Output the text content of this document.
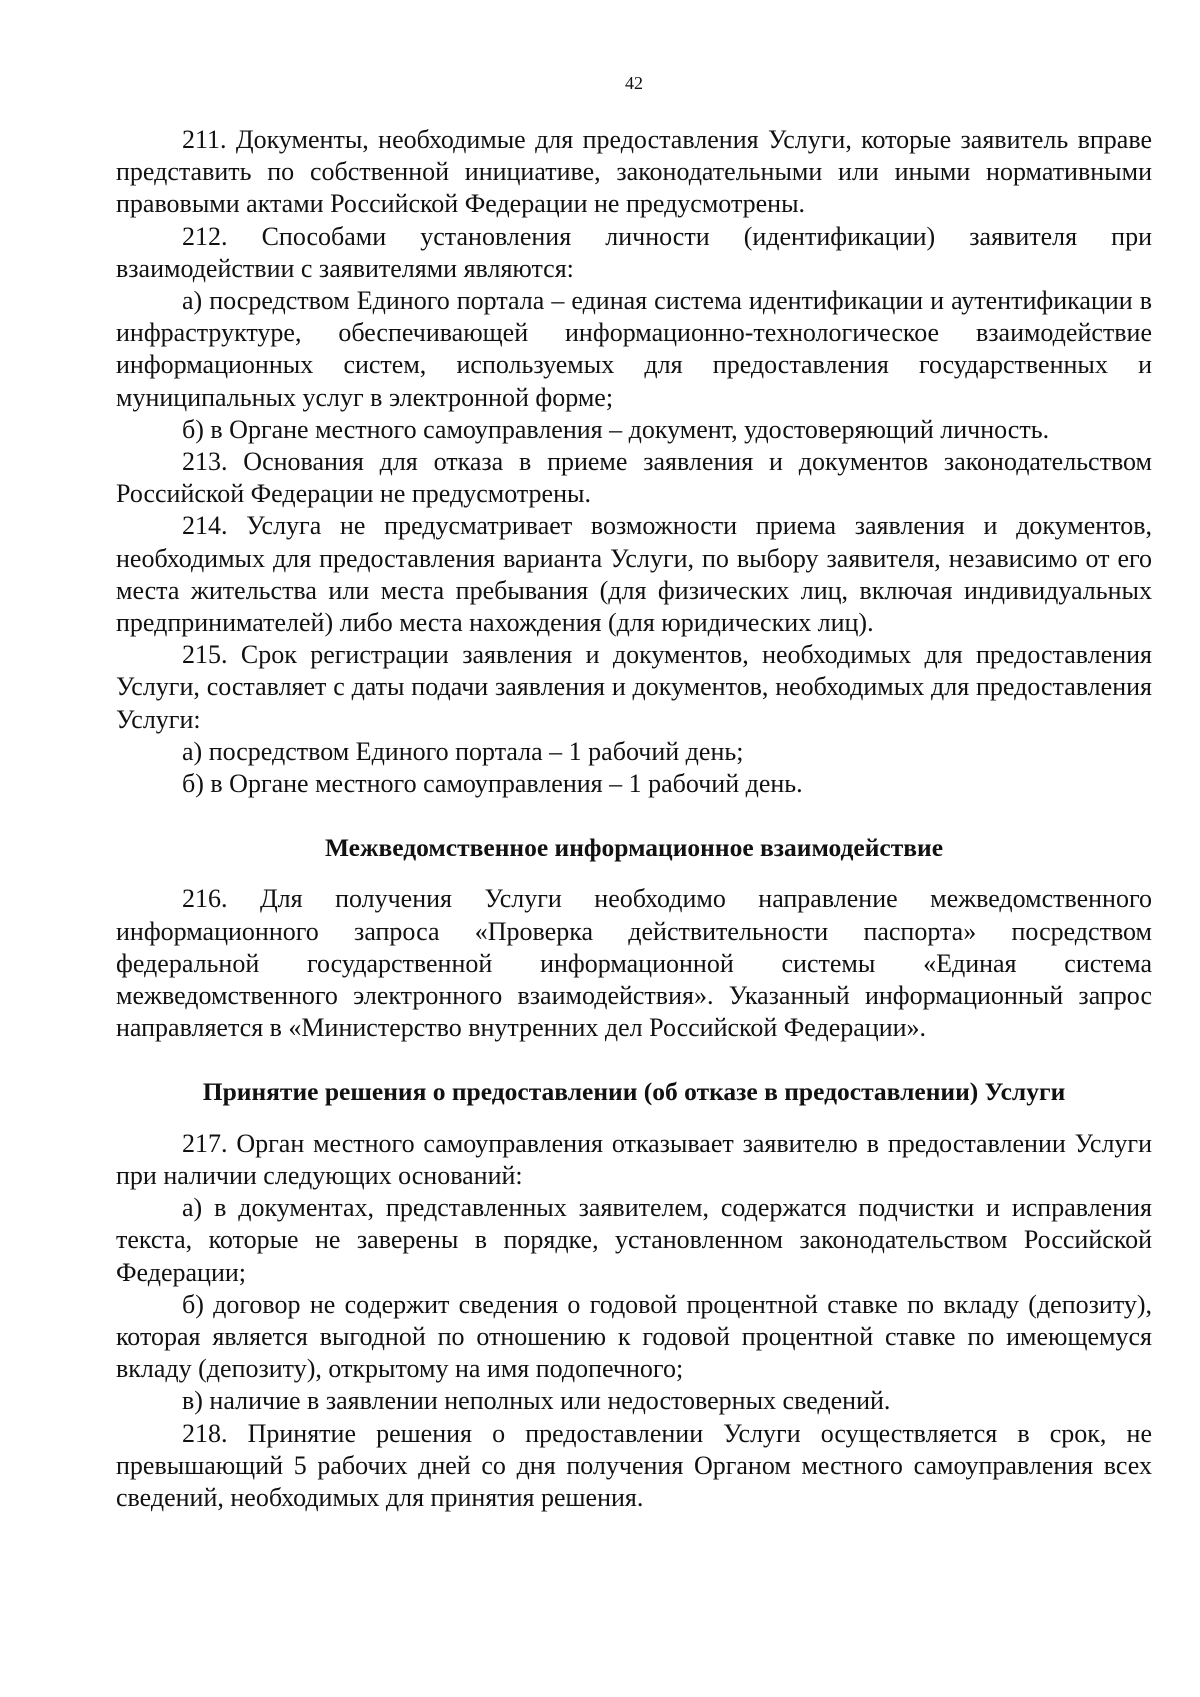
42

211. Документы, необходимые для предоставления Услуги, которые заявитель вправе представить по собственной инициативе, законодательными или иными нормативными правовыми актами Российской Федерации не предусмотрены.

212. Способами установления личности (идентификации) заявителя при взаимодействии с заявителями являются:

а) посредством Единого портала – единая система идентификации и аутентификации в инфраструктуре, обеспечивающей информационно-технологическое взаимодействие информационных систем, используемых для предоставления государственных и муниципальных услуг в электронной форме;

б) в Органе местного самоуправления – документ, удостоверяющий личность.

213. Основания для отказа в приеме заявления и документов законодательством Российской Федерации не предусмотрены.

214. Услуга не предусматривает возможности приема заявления и документов, необходимых для предоставления варианта Услуги, по выбору заявителя, независимо от его места жительства или места пребывания (для физических лиц, включая индивидуальных предпринимателей) либо места нахождения (для юридических лиц).

215. Срок регистрации заявления и документов, необходимых для предоставления Услуги, составляет с даты подачи заявления и документов, необходимых для предоставления Услуги:

а) посредством Единого портала – 1 рабочий день;

б) в Органе местного самоуправления – 1 рабочий день.

Межведомственное информационное взаимодействие

216. Для получения Услуги необходимо направление межведомственного информационного запроса «Проверка действительности паспорта» посредством федеральной государственной информационной системы «Единая система межведомственного электронного взаимодействия». Указанный информационный запрос направляется в «Министерство внутренних дел Российской Федерации».

Принятие решения о предоставлении (об отказе в предоставлении) Услуги

217. Орган местного самоуправления отказывает заявителю в предоставлении Услуги при наличии следующих оснований:

а) в документах, представленных заявителем, содержатся подчистки и исправления текста, которые не заверены в порядке, установленном законодательством Российской Федерации;

б) договор не содержит сведения о годовой процентной ставке по вкладу (депозиту), которая является выгодной по отношению к годовой процентной ставке по имеющемуся вкладу (депозиту), открытому на имя подопечного;

в) наличие в заявлении неполных или недостоверных сведений.

218. Принятие решения о предоставлении Услуги осуществляется в срок, не превышающий 5 рабочих дней со дня получения Органом местного самоуправления всех сведений, необходимых для принятия решения.
